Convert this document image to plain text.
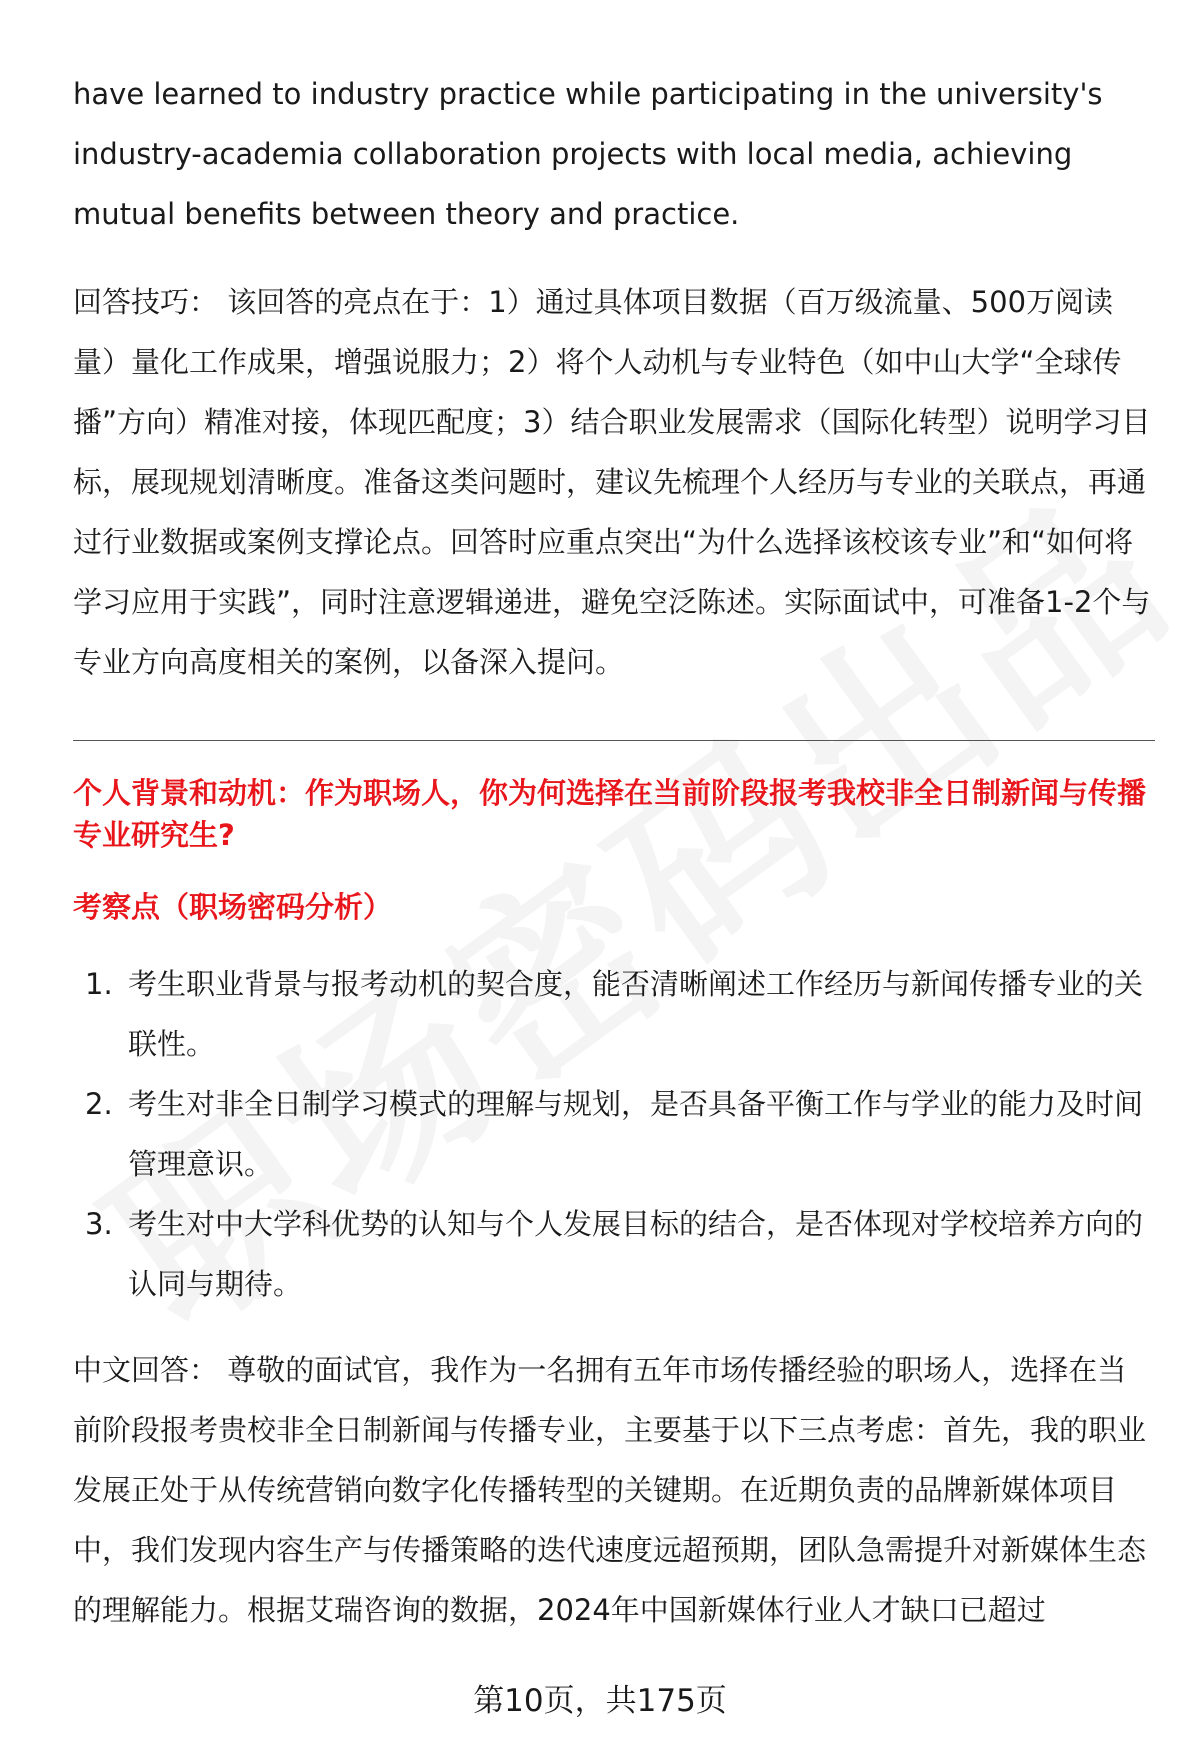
have learned to industry practice while participating in the university's industry-academia collaboration projects with local media, achieving mutual benefits between theory and practice.

回答技巧： 该回答的亮点在于：1）通过具体项目数据（百万级流量、500万阅读量）量化工作成果，增强说服力；2）将个人动机与专业特色（如中山大学“全球传播”方向）精准对接，体现匹配度；3）结合职业发展需求（国际化转型）说明学习目标，展现规划清晰度。准备这类问题时，建议先梳理个人经历与专业的关联点，再通过行业数据或案例支撑论点。回答时应重点突出“为什么选择该校该专业”和“如何将学习应用于实践”，同时注意逻辑递进，避免空泛陈述。实际面试中，可准备1-2个与专业方向高度相关的案例，以备深入提问。

个人背景和动机：作为职场人，你为何选择在当前阶段报考我校非全日制新闻与传播专业研究生?
考察点（职场密码分析）
1. 考生职业背景与报考动机的契合度，能否清晰阐述工作经历与新闻传播专业的关联性。
2. 考生对非全日制学习模式的理解与规划，是否具备平衡工作与学业的能力及时间管理意识。
3. 考生对中大学科优势的认知与个人发展目标的结合，是否体现对学校培养方向的认同与期待。

中文回答： 尊敬的面试官，我作为一名拥有五年市场传播经验的职场人，选择在当前阶段报考贵校非全日制新闻与传播专业，主要基于以下三点考虑：首先，我的职业发展正处于从传统营销向数字化传播转型的关键期。在近期负责的品牌新媒体项目中，我们发现内容生产与传播策略的迭代速度远超预期，团队急需提升对新媒体生态的理解能力。根据艾瑞咨询的数据，2024年中国新媒体行业人才缺口已超过

第10页，共175页
